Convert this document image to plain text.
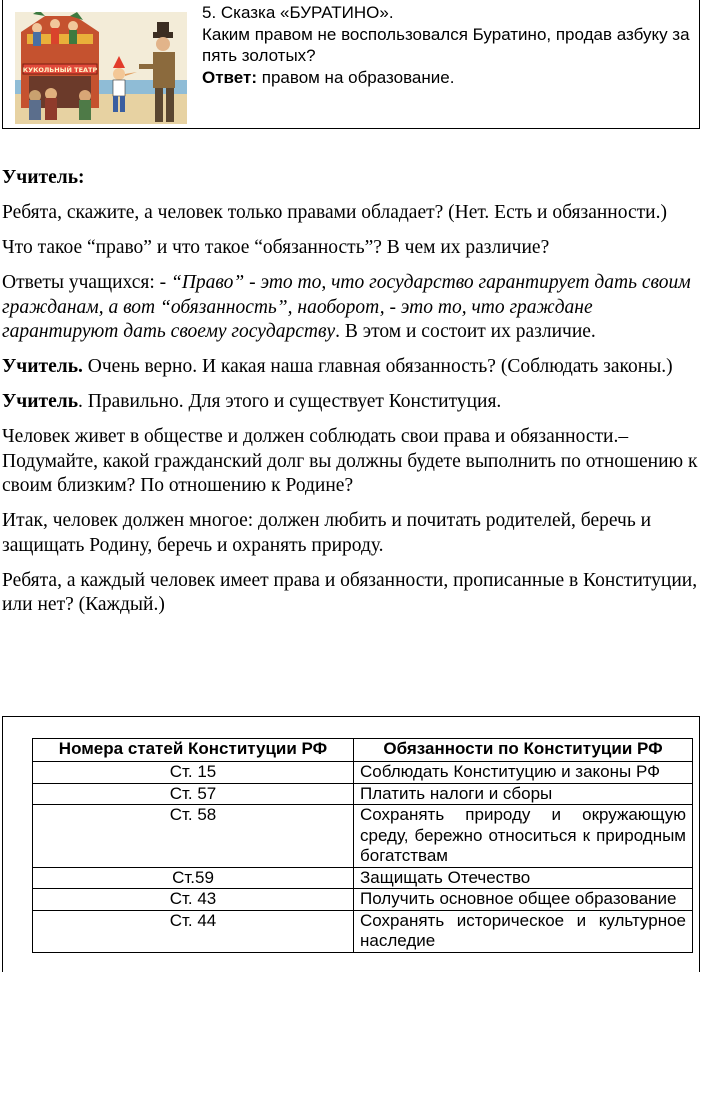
КУКОЛЬНЫЙ ТЕАТР
5. Сказка «БУРАТИНО».
Каким правом не воспользовался Буратино, продав азбуку за пять золотых?
Ответ: правом на образование.

Учитель:

Ребята, скажите, а человек только правами обладает? (Нет. Есть и обязанности.)

Что такое “право” и что такое “обязанность”? В чем их различие?

Ответы учащихся: - “Право” - это то, что государство гарантирует дать своим гражданам, а вот “обязанность”, наоборот, - это то, что граждане гарантируют дать своему государству. В этом и состоит их различие.

Учитель. Очень верно. И какая наша главная обязанность? (Соблюдать законы.)

Учитель. Правильно. Для этого и существует Конституция.

Человек живет в обществе и должен соблюдать свои права и обязанности.– Подумайте, какой гражданский долг вы должны будете выполнить по отношению к своим близким? По отношению к Родине?

Итак, человек должен многое: должен любить и почитать родителей, беречь и защищать Родину, беречь и охранять природу.

Ребята, а каждый человек имеет права и обязанности, прописанные в Конституции, или нет? (Каждый.)

Номера статей Конституции РФ	Обязанности по Конституции РФ
Ст. 15	Соблюдать Конституцию и законы РФ
Ст. 57	Платить налоги и сборы
Ст. 58	Сохранять природу и окружающую среду, бережно относиться к природным богатствам
Ст.59	Защищать Отечество
Ст. 43	Получить основное общее образование
Ст. 44	Сохранять историческое и культурное наследие
